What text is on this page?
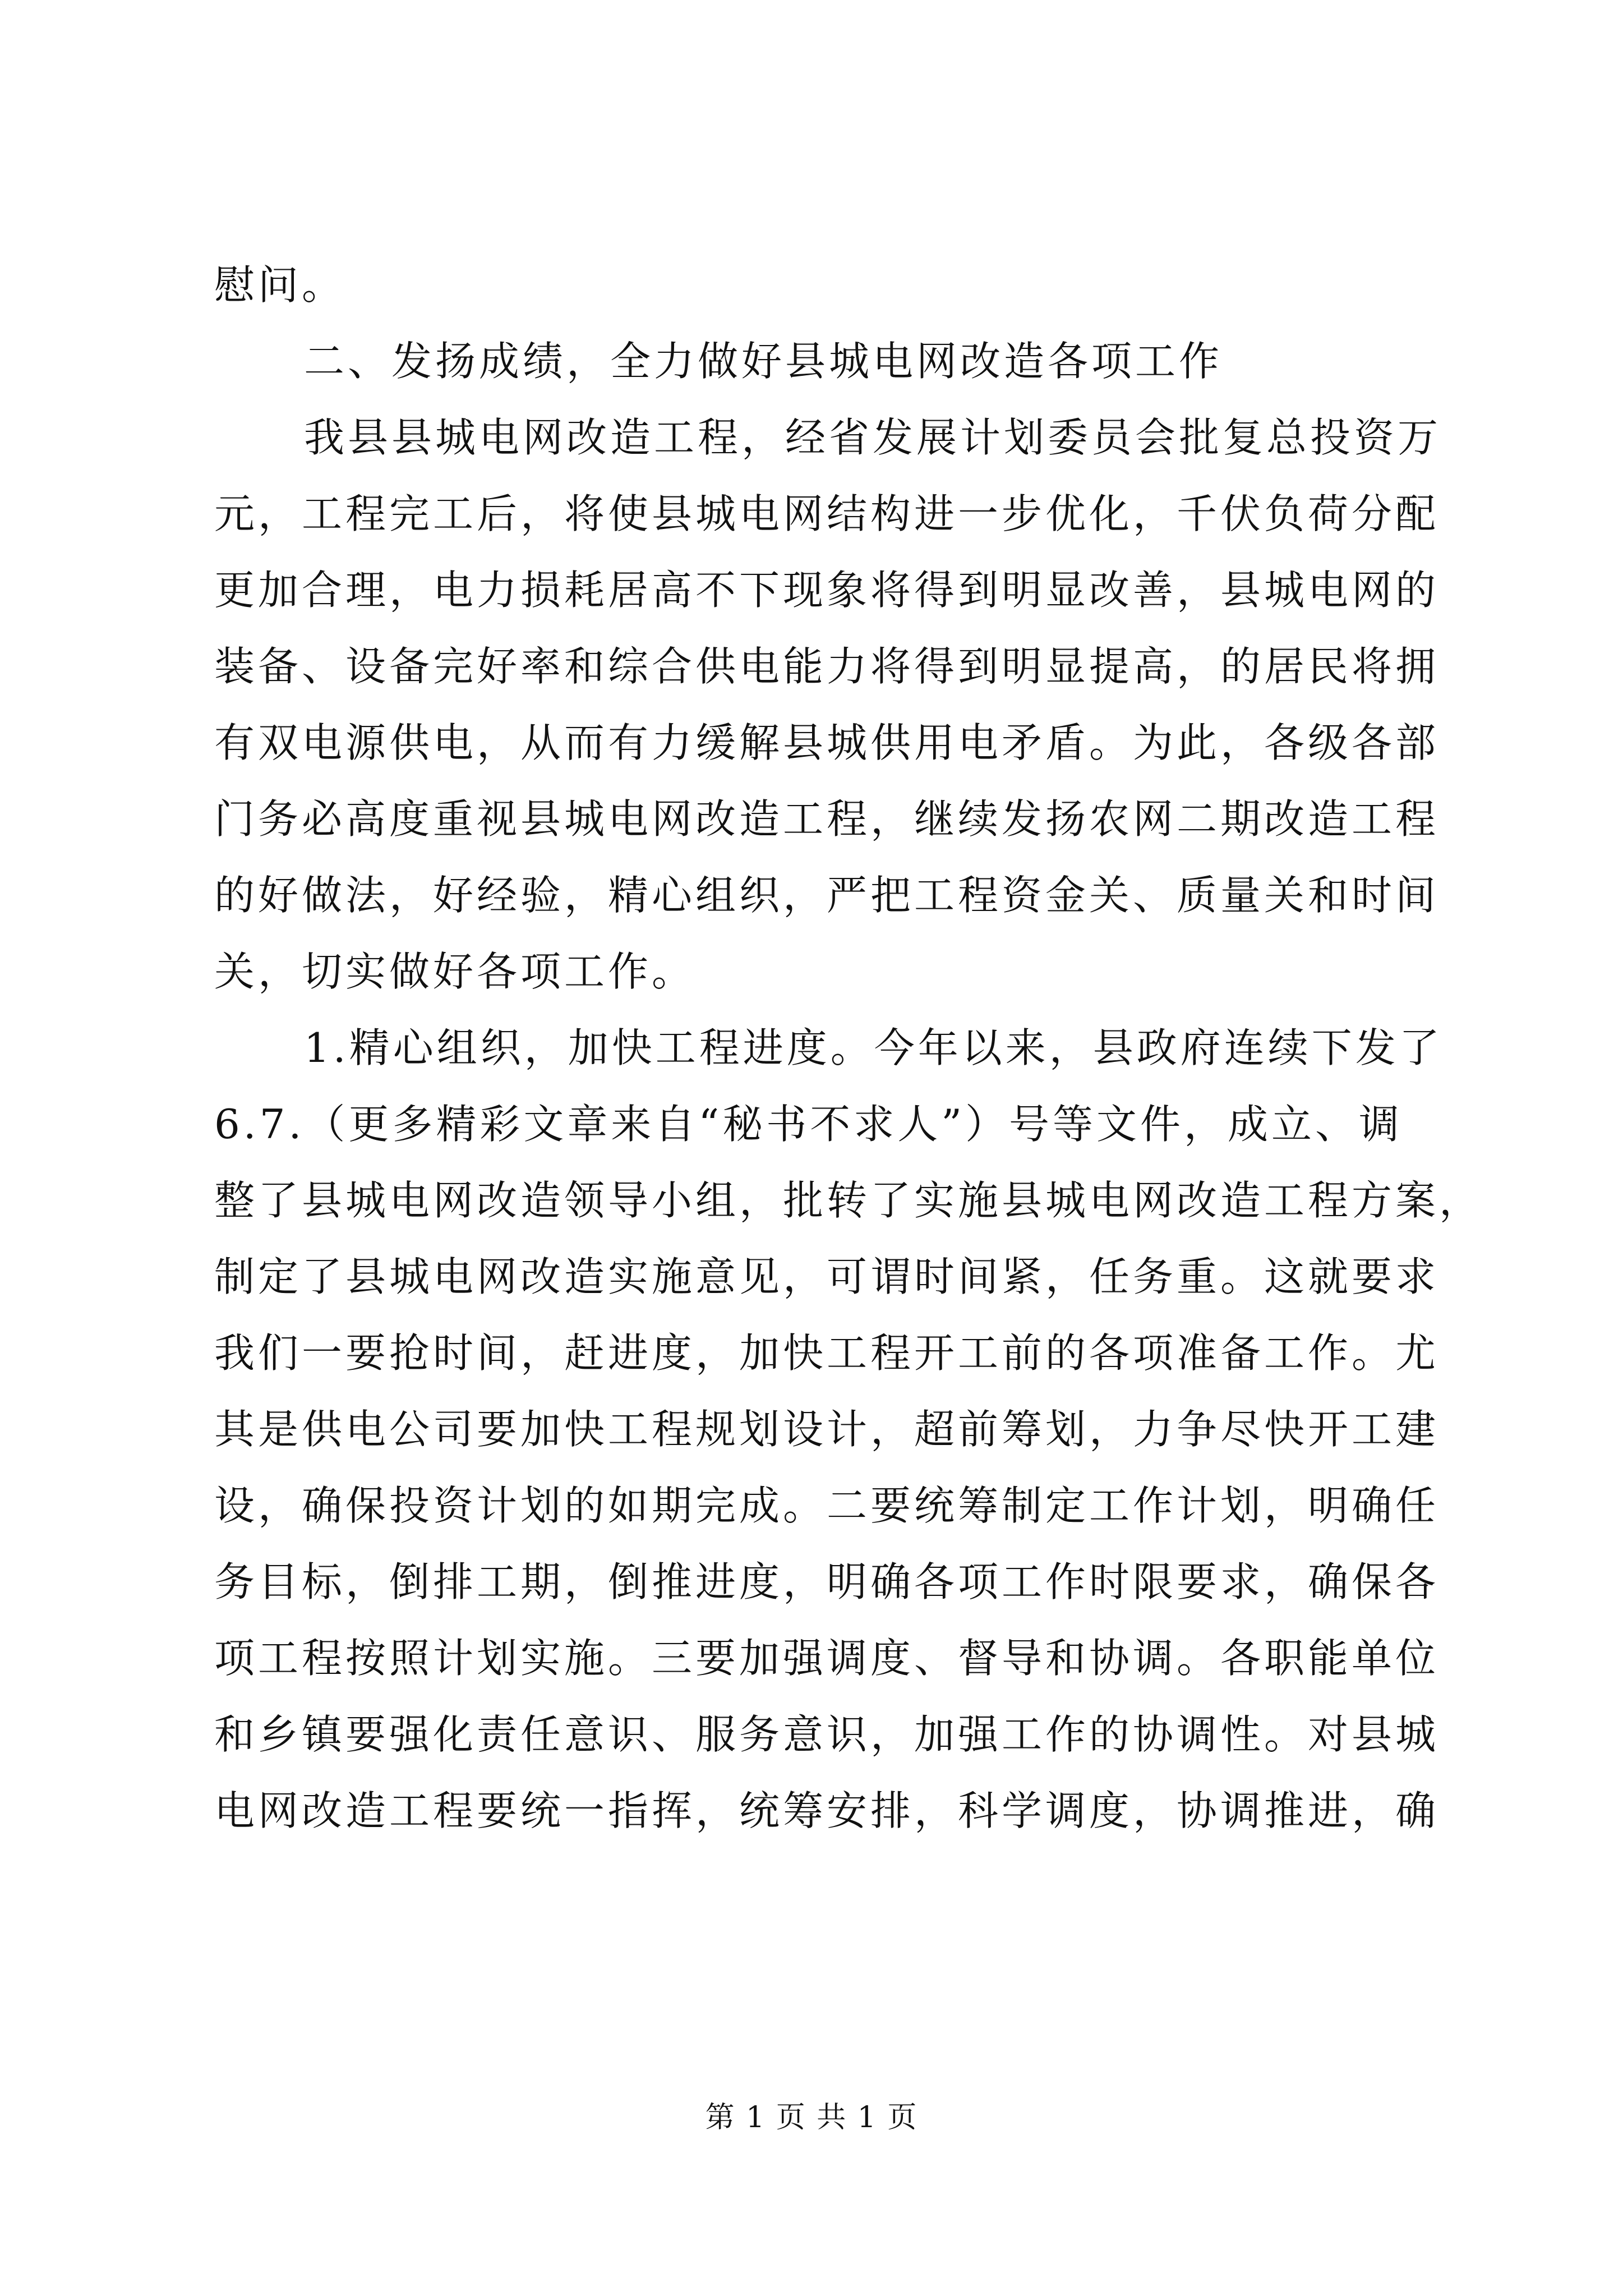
慰问。
二、发扬成绩，全力做好县城电网改造各项工作
我县县城电网改造工程，经省发展计划委员会批复总投资万
元，工程完工后，将使县城电网结构进一步优化，千伏负荷分配
更加合理，电力损耗居高不下现象将得到明显改善，县城电网的
装备、设备完好率和综合供电能力将得到明显提高，的居民将拥
有双电源供电，从而有力缓解县城供用电矛盾。为此，各级各部
门务必高度重视县城电网改造工程，继续发扬农网二期改造工程
的好做法，好经验，精心组织，严把工程资金关、质量关和时间
关，切实做好各项工作。
1.精心组织，加快工程进度。今年以来，县政府连续下发了
6.7.（更多精彩文章来自“秘书不求人”）号等文件，成立、调
整了县城电网改造领导小组，批转了实施县城电网改造工程方案，
制定了县城电网改造实施意见，可谓时间紧，任务重。这就要求
我们一要抢时间，赶进度，加快工程开工前的各项准备工作。尤
其是供电公司要加快工程规划设计，超前筹划，力争尽快开工建
设，确保投资计划的如期完成。二要统筹制定工作计划，明确任
务目标，倒排工期，倒推进度，明确各项工作时限要求，确保各
项工程按照计划实施。三要加强调度、督导和协调。各职能单位
和乡镇要强化责任意识、服务意识，加强工作的协调性。对县城
电网改造工程要统一指挥，统筹安排，科学调度，协调推进，确
第 1 页 共 1 页
